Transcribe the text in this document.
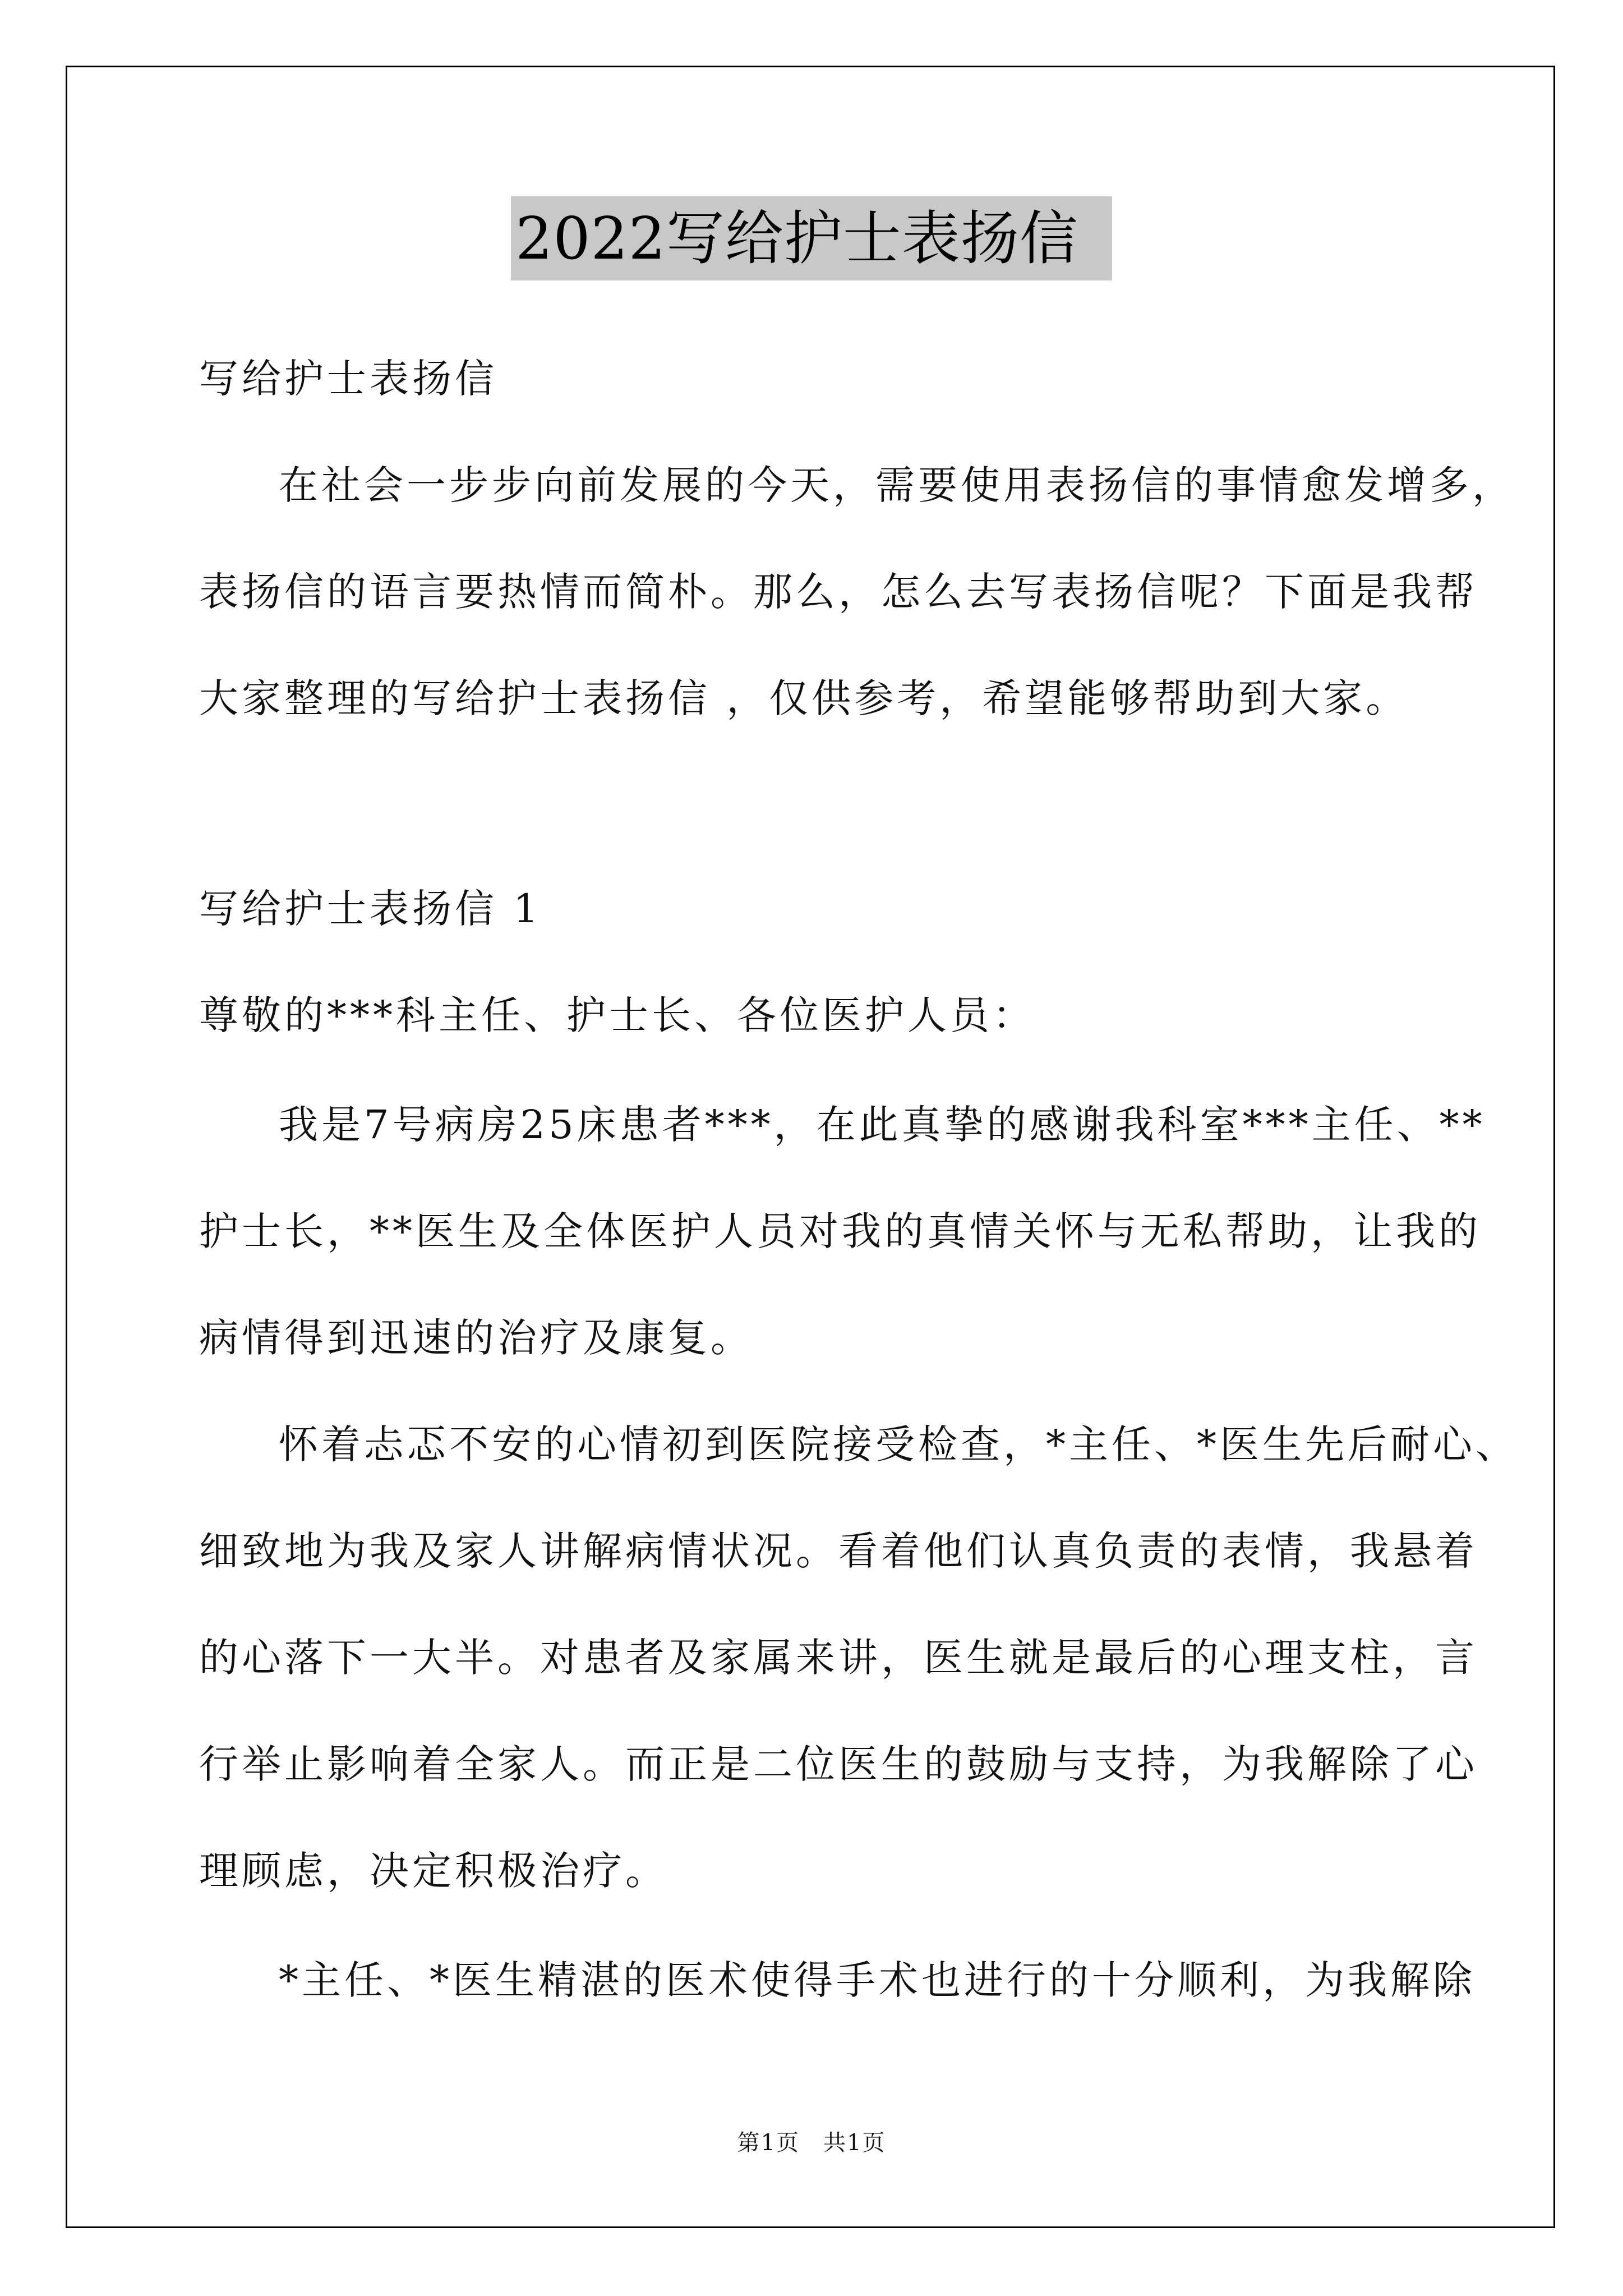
2022写给护士表扬信
写给护士表扬信
在社会一步步向前发展的今天，需要使用表扬信的事情愈发增多，
表扬信的语言要热情而简朴。那么，怎么去写表扬信呢？下面是我帮
大家整理的写给护士表扬信 ，仅供参考，希望能够帮助到大家。
写给护士表扬信 1
尊敬的***科主任、护士长、各位医护人员：
我是7号病房25床患者***，在此真挚的感谢我科室***主任、**
护士长，**医生及全体医护人员对我的真情关怀与无私帮助，让我的
病情得到迅速的治疗及康复。
怀着忐忑不安的心情初到医院接受检查，*主任、*医生先后耐心、
细致地为我及家人讲解病情状况。看着他们认真负责的表情，我悬着
的心落下一大半。对患者及家属来讲，医生就是最后的心理支柱，言
行举止影响着全家人。而正是二位医生的鼓励与支持，为我解除了心
理顾虑，决定积极治疗。
*主任、*医生精湛的医术使得手术也进行的十分顺利，为我解除
第1页　共1页
